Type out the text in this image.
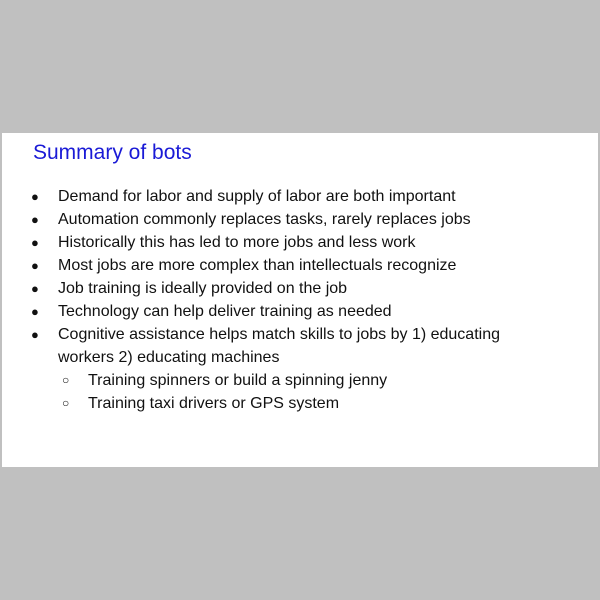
Summary of bots
● Demand for labor and supply of labor are both important
● Automation commonly replaces tasks, rarely replaces jobs
● Historically this has led to more jobs and less work
● Most jobs are more complex than intellectuals recognize
● Job training is ideally provided on the job
● Technology can help deliver training as needed
● Cognitive assistance helps match skills to jobs by 1) educating workers 2) educating machines
○ Training spinners or build a spinning jenny
○ Training taxi drivers or GPS system
